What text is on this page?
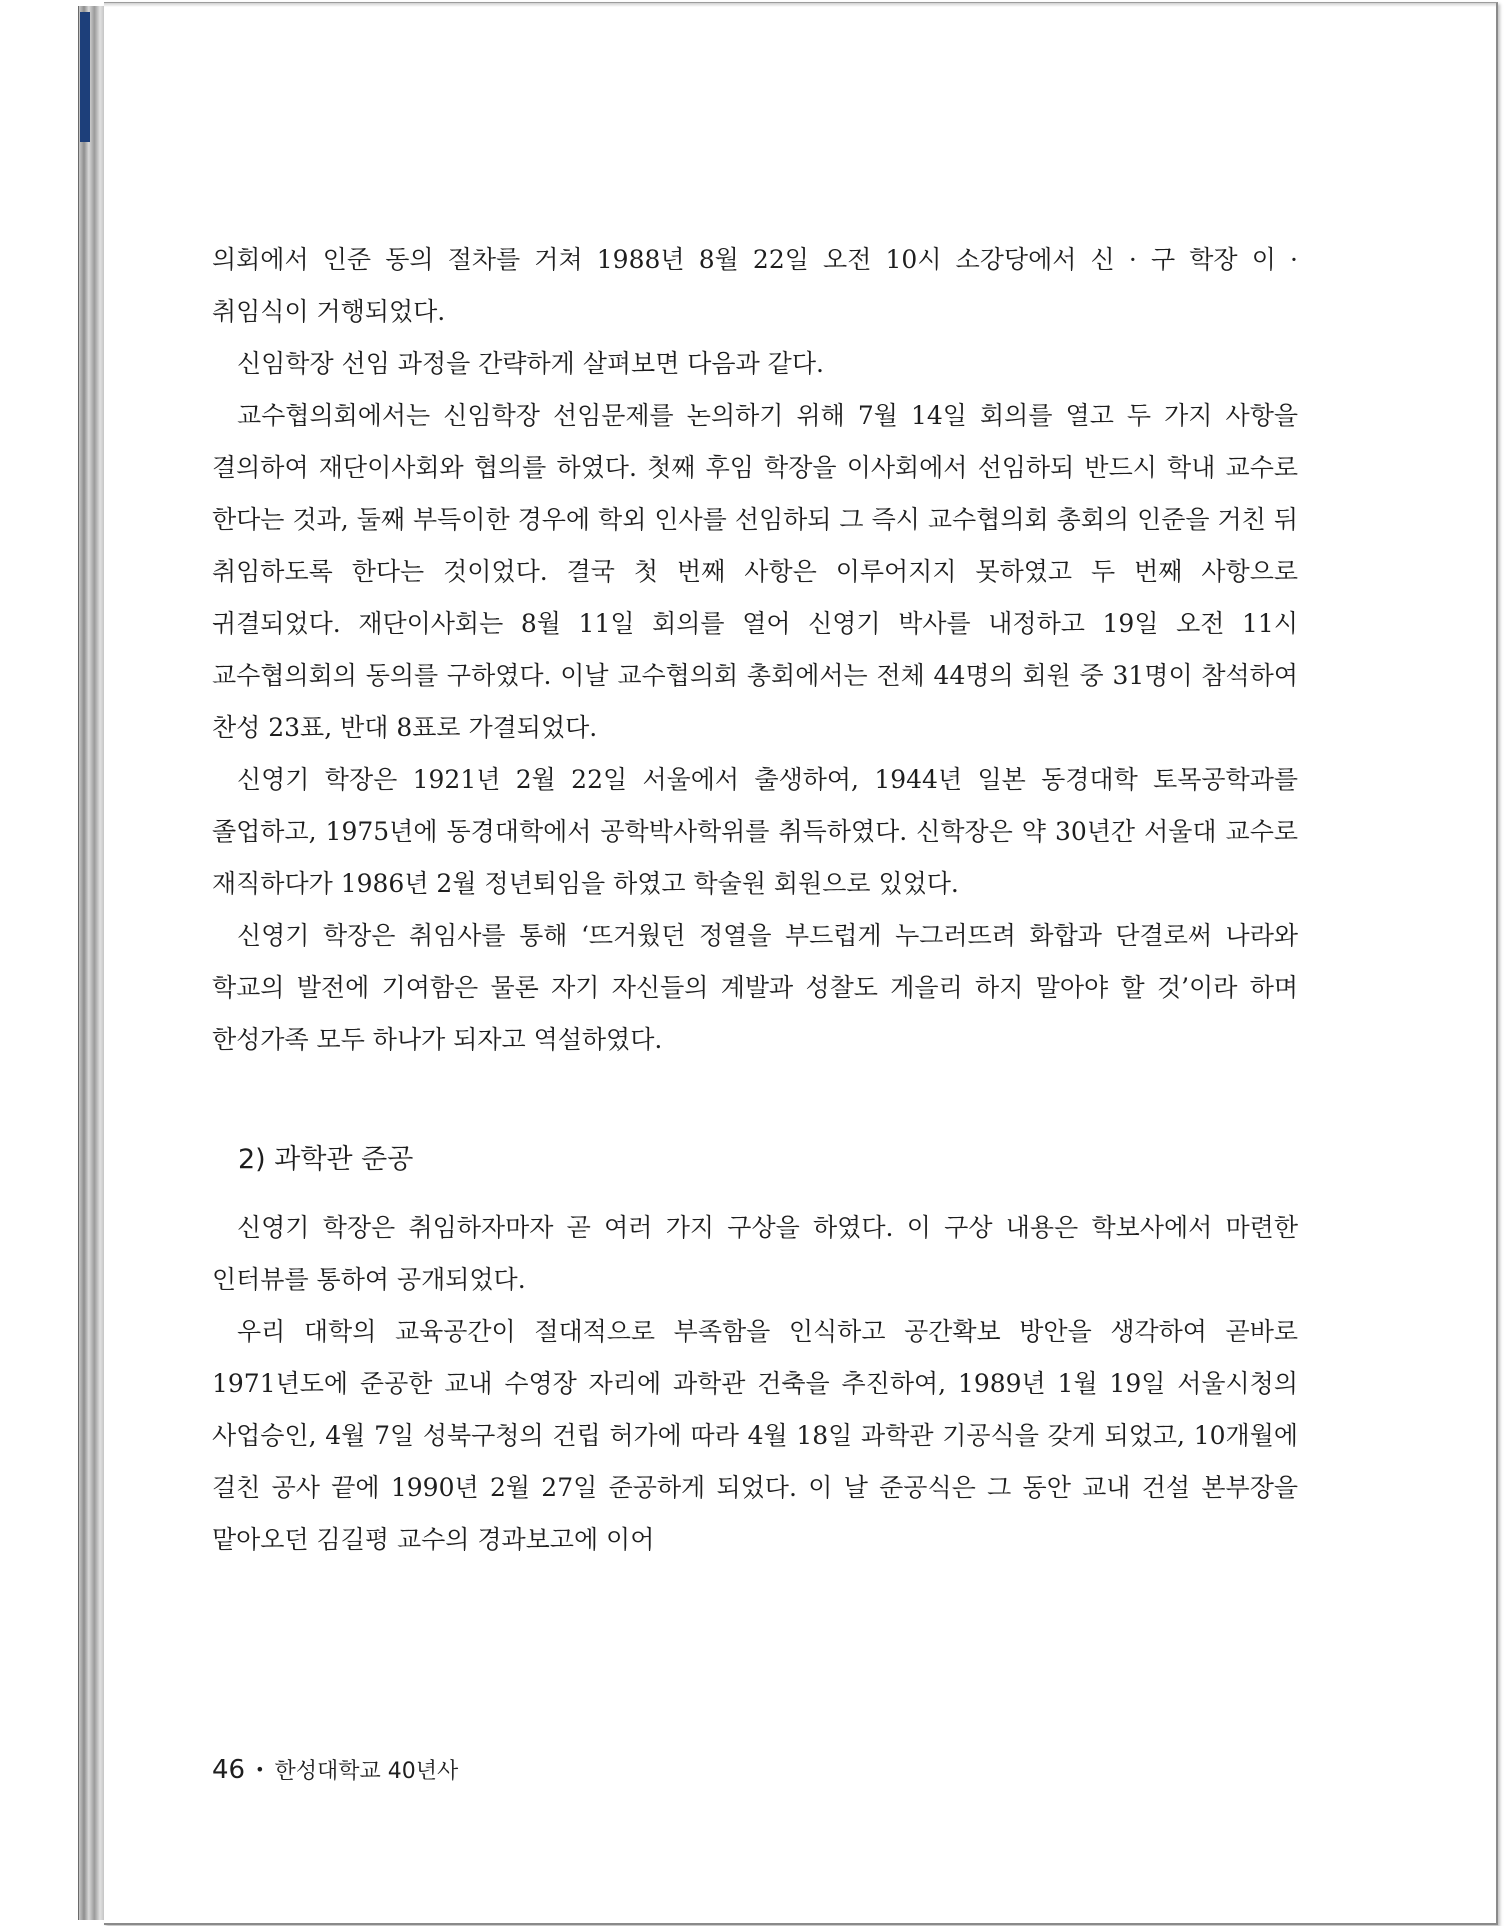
의회에서 인준 동의 절차를 거쳐 1988년 8월 22일 오전 10시 소강당에서 신 · 구 학장 이 · 취임식이 거행되었다.

신임학장 선임 과정을 간략하게 살펴보면 다음과 같다.

교수협의회에서는 신임학장 선임문제를 논의하기 위해 7월 14일 회의를 열고 두 가지 사항을 결의하여 재단이사회와 협의를 하였다. 첫째 후임 학장을 이사회에서 선임하되 반드시 학내 교수로 한다는 것과, 둘째 부득이한 경우에 학외 인사를 선임하되 그 즉시 교수협의회 총회의 인준을 거친 뒤 취임하도록 한다는 것이었다. 결국 첫 번째 사항은 이루어지지 못하였고 두 번째 사항으로 귀결되었다. 재단이사회는 8월 11일 회의를 열어 신영기 박사를 내정하고 19일 오전 11시 교수협의회의 동의를 구하였다. 이날 교수협의회 총회에서는 전체 44명의 회원 중 31명이 참석하여 찬성 23표, 반대 8표로 가결되었다.

신영기 학장은 1921년 2월 22일 서울에서 출생하여, 1944년 일본 동경대학 토목공학과를 졸업하고, 1975년에 동경대학에서 공학박사학위를 취득하였다. 신학장은 약 30년간 서울대 교수로 재직하다가 1986년 2월 정년퇴임을 하였고 학술원 회원으로 있었다.

신영기 학장은 취임사를 통해 ‘뜨거웠던 정열을 부드럽게 누그러뜨려 화합과 단결로써 나라와 학교의 발전에 기여함은 물론 자기 자신들의 계발과 성찰도 게을리 하지 말아야 할 것’이라 하며 한성가족 모두 하나가 되자고 역설하였다.

2) 과학관 준공

신영기 학장은 취임하자마자 곧 여러 가지 구상을 하였다. 이 구상 내용은 학보사에서 마련한 인터뷰를 통하여 공개되었다.

우리 대학의 교육공간이 절대적으로 부족함을 인식하고 공간확보 방안을 생각하여 곧바로 1971년도에 준공한 교내 수영장 자리에 과학관 건축을 추진하여, 1989년 1월 19일 서울시청의 사업승인, 4월 7일 성북구청의 건립 허가에 따라 4월 18일 과학관 기공식을 갖게 되었고, 10개월에 걸친 공사 끝에 1990년 2월 27일 준공하게 되었다. 이 날 준공식은 그 동안 교내 건설 본부장을 맡아오던 김길평 교수의 경과보고에 이어

46 • 한성대학교 40년사
